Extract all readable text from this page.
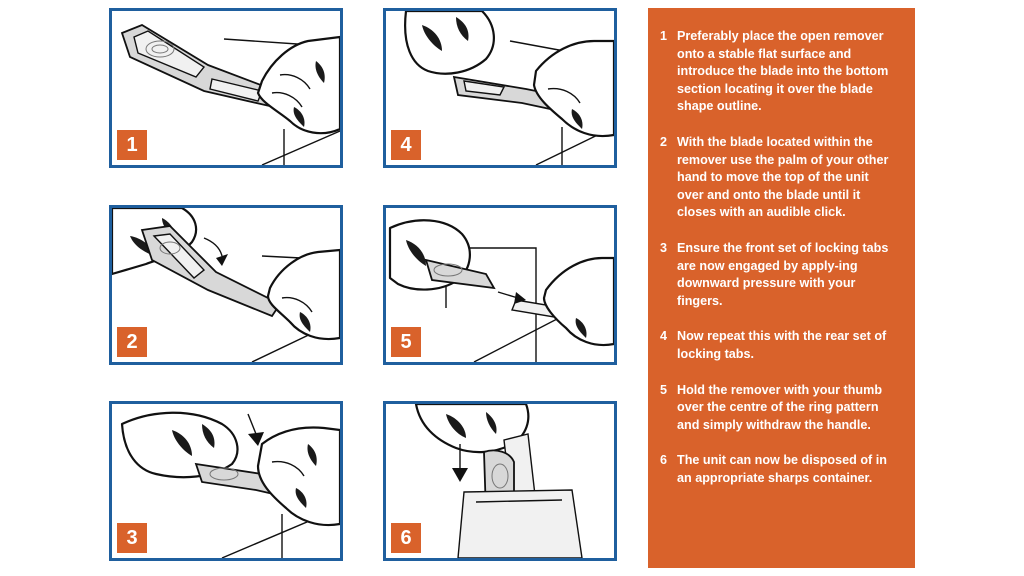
1
2
3
4
5
6
1 Preferably place the open remover onto a stable flat surface and introduce the blade into the bottom section locating it over the blade shape outline.
2 With the blade located within the remover use the palm of your other hand to move the top of the unit over and onto the blade until it closes with an audible click.
3 Ensure the front set of locking tabs are now engaged by apply-ing downward pressure with your fingers.
4 Now repeat this with the rear set of locking tabs.
5 Hold the remover with your thumb over the centre of the ring pattern and simply withdraw the handle.
6 The unit can now be disposed of in an appropriate sharps container.
